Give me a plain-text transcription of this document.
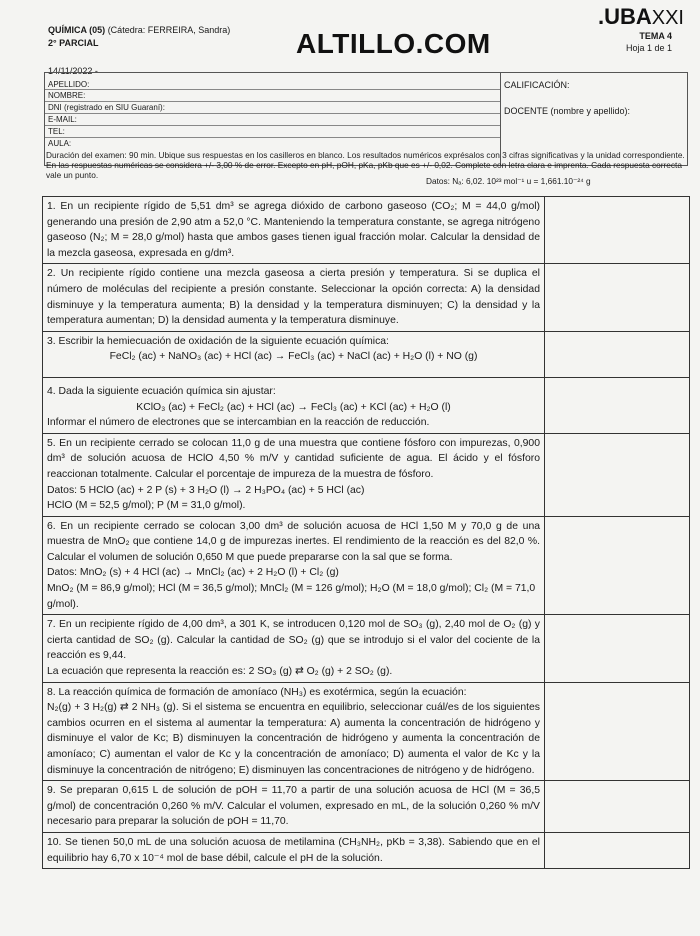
QUÍMICA (05) (Cátedra: FERREIRA, Sandra)
2° PARCIAL	ALTILLO.COM
.UBAXXI
TEMA 4
Hoja 1 de 1
14/11/2022 -
APELLIDO:
NOMBRE:
DNI (registrado en SIU Guaraní):
E-MAIL:
TEL:
AULA:
CALIFICACIÓN:
DOCENTE (nombre y apellido):
Duración del examen: 90 min. Ubique sus respuestas en los casilleros en blanco. Los resultados numéricos exprésalos con 3 cifras significativas y la unidad correspondiente. En las respuestas numéricas se considera +/- 3,00 % de error. Excepto en pH, pOH, pKa, pKb que es +/- 0,02. Complete con letra clara e imprenta. Cada respuesta correcta vale un punto.
Datos: Nₐ: 6,02. 10²³ mol⁻¹ u = 1,661.10⁻²⁴ g
1. En un recipiente rígido de 5,51 dm³ se agrega dióxido de carbono gaseoso (CO₂; M = 44,0 g/mol) generando una presión de 2,90 atm a 52,0 °C. Manteniendo la temperatura constante, se agrega nitrógeno gaseoso (N₂; M = 28,0 g/mol) hasta que ambos gases tienen igual fracción molar. Calcular la densidad de la mezcla gaseosa, expresada en g/dm³.
2. Un recipiente rígido contiene una mezcla gaseosa a cierta presión y temperatura. Si se duplica el número de moléculas del recipiente a presión constante. Seleccionar la opción correcta: A) la densidad disminuye y la temperatura aumenta; B) la densidad y la temperatura disminuyen; C) la densidad y la temperatura aumentan; D) la densidad aumenta y la temperatura disminuye.
3. Escribir la hemiecuación de oxidación de la siguiente ecuación química:
FeCl₂ (ac) + NaNO₃ (ac) + HCl (ac) → FeCl₃ (ac) + NaCl (ac) + H₂O (l) + NO (g)
4. Dada la siguiente ecuación química sin ajustar:
KClO₃ (ac) + FeCl₂ (ac) + HCl (ac) → FeCl₃ (ac) + KCl (ac) + H₂O (l)
Informar el número de electrones que se intercambian en la reacción de reducción.
5. En un recipiente cerrado se colocan 11,0 g de una muestra que contiene fósforo con impurezas, 0,900 dm³ de solución acuosa de HClO 4,50 % m/V y cantidad suficiente de agua. El ácido y el fósforo reaccionan totalmente. Calcular el porcentaje de impureza de la muestra de fósforo.
Datos: 5 HClO (ac) + 2 P (s) + 3 H₂O (l) → 2 H₃PO₄ (ac) + 5 HCl (ac)
HClO (M = 52,5 g/mol); P (M = 31,0 g/mol).
6. En un recipiente cerrado se colocan 3,00 dm³ de solución acuosa de HCl 1,50 M y 70,0 g de una muestra de MnO₂ que contiene 14,0 g de impurezas inertes. El rendimiento de la reacción es del 82,0 %. Calcular el volumen de solución 0,650 M que puede prepararse con la sal que se forma.
Datos: MnO₂ (s) + 4 HCl (ac) → MnCl₂ (ac) + 2 H₂O (l) + Cl₂ (g)
MnO₂ (M = 86,9 g/mol); HCl (M = 36,5 g/mol); MnCl₂ (M = 126 g/mol); H₂O (M = 18,0 g/mol); Cl₂ (M = 71,0 g/mol).
7. En un recipiente rígido de 4,00 dm³, a 301 K, se introducen 0,120 mol de SO₃ (g), 2,40 mol de O₂ (g) y cierta cantidad de SO₂ (g). Calcular la cantidad de SO₂ (g) que se introdujo si el valor del cociente de la reacción es 9,44.
La ecuación que representa la reacción es: 2 SO₃ (g) ⇄ O₂ (g) + 2 SO₂ (g).
8. La reacción química de formación de amoníaco (NH₃) es exotérmica, según la ecuación:
N₂(g) + 3 H₂(g) ⇄ 2 NH₃ (g). Si el sistema se encuentra en equilibrio, seleccionar cuál/es de los siguientes cambios ocurren en el sistema al aumentar la temperatura: A) aumenta la concentración de hidrógeno y disminuye el valor de Kc; B) disminuyen la concentración de hidrógeno y aumenta la concentración de amoníaco; C) aumentan el valor de Kc y la concentración de amoníaco; D) aumenta el valor de Kc y la disminuye la concentración de nitrógeno; E) disminuyen las concentraciones de nitrógeno y de hidrógeno.
9. Se preparan 0,615 L de solución de pOH = 11,70 a partir de una solución acuosa de HCl (M = 36,5 g/mol) de concentración 0,260 % m/V. Calcular el volumen, expresado en mL, de la solución 0,260 % m/V necesario para preparar la solución de pOH = 11,70.
10. Se tienen 50,0 mL de una solución acuosa de metilamina (CH₃NH₂, pKb = 3,38). Sabiendo que en el equilibrio hay 6,70 x 10⁻⁴ mol de base débil, calcule el pH de la solución.
